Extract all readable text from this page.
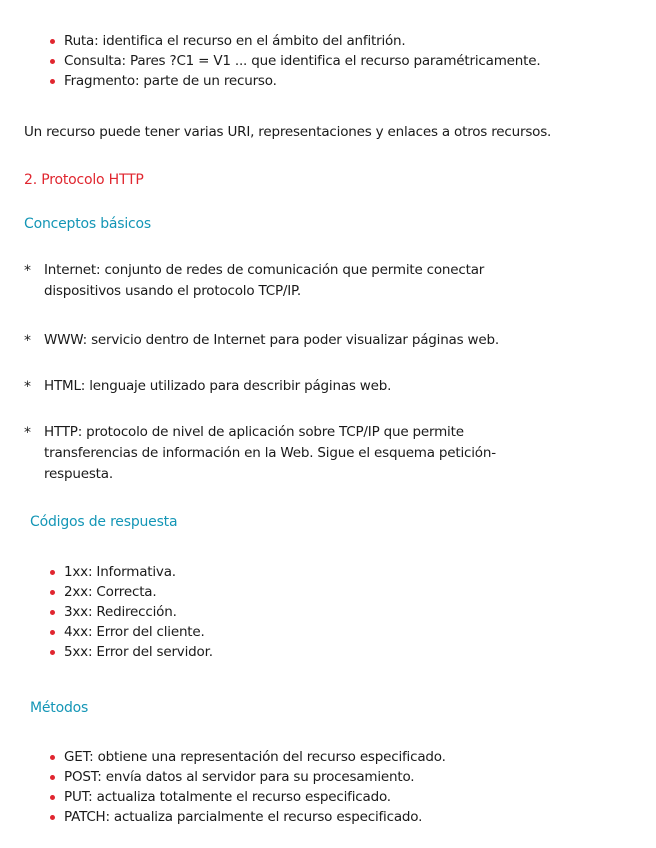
Ruta: identifica el recurso en el ámbito del anfitrión.
Consulta: Pares ?C1 = V1 ... que identifica el recurso paramétricamente.
Fragmento: parte de un recurso.
Un recurso puede tener varias URI, representaciones y enlaces a otros recursos.
2. Protocolo HTTP
Conceptos básicos
* Internet: conjunto de redes de comunicación que permite conectar
dispositivos usando el protocolo TCP/IP.
* WWW: servicio dentro de Internet para poder visualizar páginas web.
* HTML: lenguaje utilizado para describir páginas web.
* HTTP: protocolo de nivel de aplicación sobre TCP/IP que permite
transferencias de información en la Web. Sigue el esquema petición-
respuesta.
Códigos de respuesta
1xx: Informativa.
2xx: Correcta.
3xx: Redirección.
4xx: Error del cliente.
5xx: Error del servidor.
Métodos
GET: obtiene una representación del recurso especificado.
POST: envía datos al servidor para su procesamiento.
PUT: actualiza totalmente el recurso especificado.
PATCH: actualiza parcialmente el recurso especificado.
